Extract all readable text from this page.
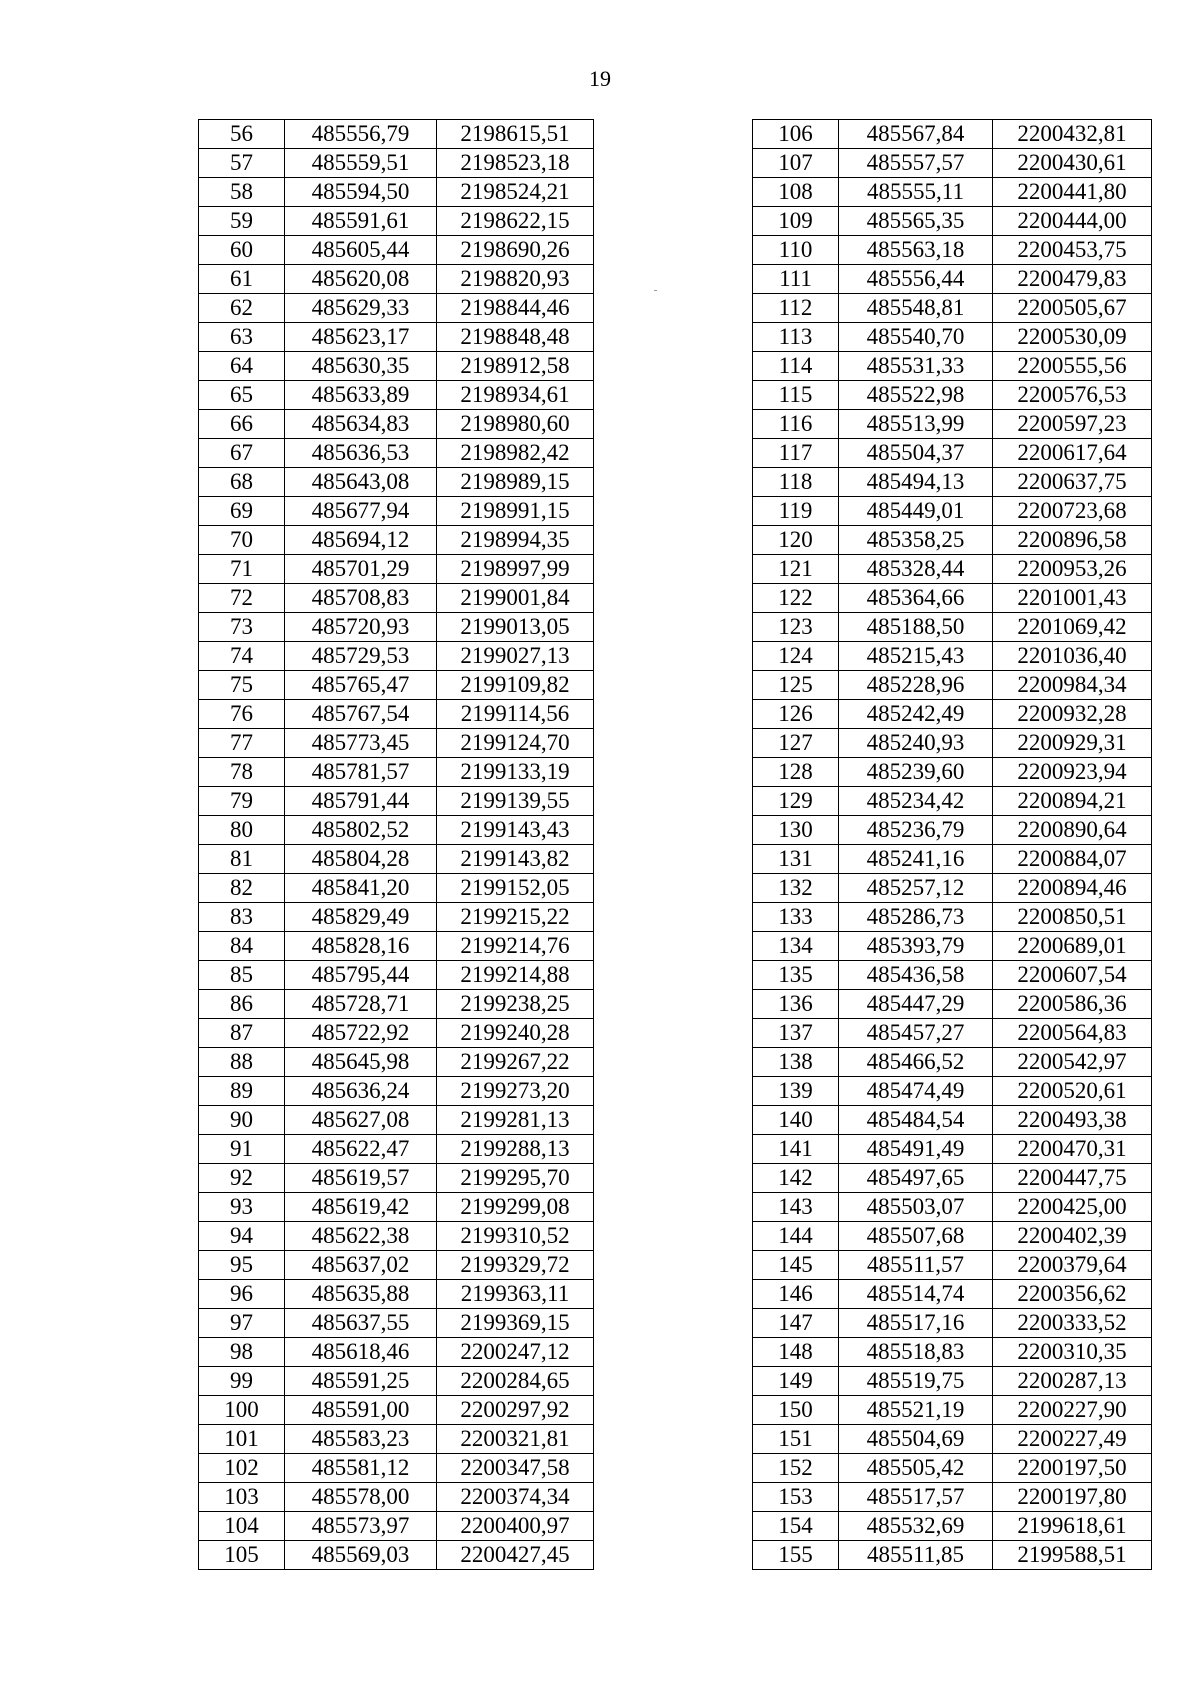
19
56	485556,79	2198615,51
57	485559,51	2198523,18
58	485594,50	2198524,21
59	485591,61	2198622,15
60	485605,44	2198690,26
61	485620,08	2198820,93
62	485629,33	2198844,46
63	485623,17	2198848,48
64	485630,35	2198912,58
65	485633,89	2198934,61
66	485634,83	2198980,60
67	485636,53	2198982,42
68	485643,08	2198989,15
69	485677,94	2198991,15
70	485694,12	2198994,35
71	485701,29	2198997,99
72	485708,83	2199001,84
73	485720,93	2199013,05
74	485729,53	2199027,13
75	485765,47	2199109,82
76	485767,54	2199114,56
77	485773,45	2199124,70
78	485781,57	2199133,19
79	485791,44	2199139,55
80	485802,52	2199143,43
81	485804,28	2199143,82
82	485841,20	2199152,05
83	485829,49	2199215,22
84	485828,16	2199214,76
85	485795,44	2199214,88
86	485728,71	2199238,25
87	485722,92	2199240,28
88	485645,98	2199267,22
89	485636,24	2199273,20
90	485627,08	2199281,13
91	485622,47	2199288,13
92	485619,57	2199295,70
93	485619,42	2199299,08
94	485622,38	2199310,52
95	485637,02	2199329,72
96	485635,88	2199363,11
97	485637,55	2199369,15
98	485618,46	2200247,12
99	485591,25	2200284,65
100	485591,00	2200297,92
101	485583,23	2200321,81
102	485581,12	2200347,58
103	485578,00	2200374,34
104	485573,97	2200400,97
105	485569,03	2200427,45
106	485567,84	2200432,81
107	485557,57	2200430,61
108	485555,11	2200441,80
109	485565,35	2200444,00
110	485563,18	2200453,75
111	485556,44	2200479,83
112	485548,81	2200505,67
113	485540,70	2200530,09
114	485531,33	2200555,56
115	485522,98	2200576,53
116	485513,99	2200597,23
117	485504,37	2200617,64
118	485494,13	2200637,75
119	485449,01	2200723,68
120	485358,25	2200896,58
121	485328,44	2200953,26
122	485364,66	2201001,43
123	485188,50	2201069,42
124	485215,43	2201036,40
125	485228,96	2200984,34
126	485242,49	2200932,28
127	485240,93	2200929,31
128	485239,60	2200923,94
129	485234,42	2200894,21
130	485236,79	2200890,64
131	485241,16	2200884,07
132	485257,12	2200894,46
133	485286,73	2200850,51
134	485393,79	2200689,01
135	485436,58	2200607,54
136	485447,29	2200586,36
137	485457,27	2200564,83
138	485466,52	2200542,97
139	485474,49	2200520,61
140	485484,54	2200493,38
141	485491,49	2200470,31
142	485497,65	2200447,75
143	485503,07	2200425,00
144	485507,68	2200402,39
145	485511,57	2200379,64
146	485514,74	2200356,62
147	485517,16	2200333,52
148	485518,83	2200310,35
149	485519,75	2200287,13
150	485521,19	2200227,90
151	485504,69	2200227,49
152	485505,42	2200197,50
153	485517,57	2200197,80
154	485532,69	2199618,61
155	485511,85	2199588,51
